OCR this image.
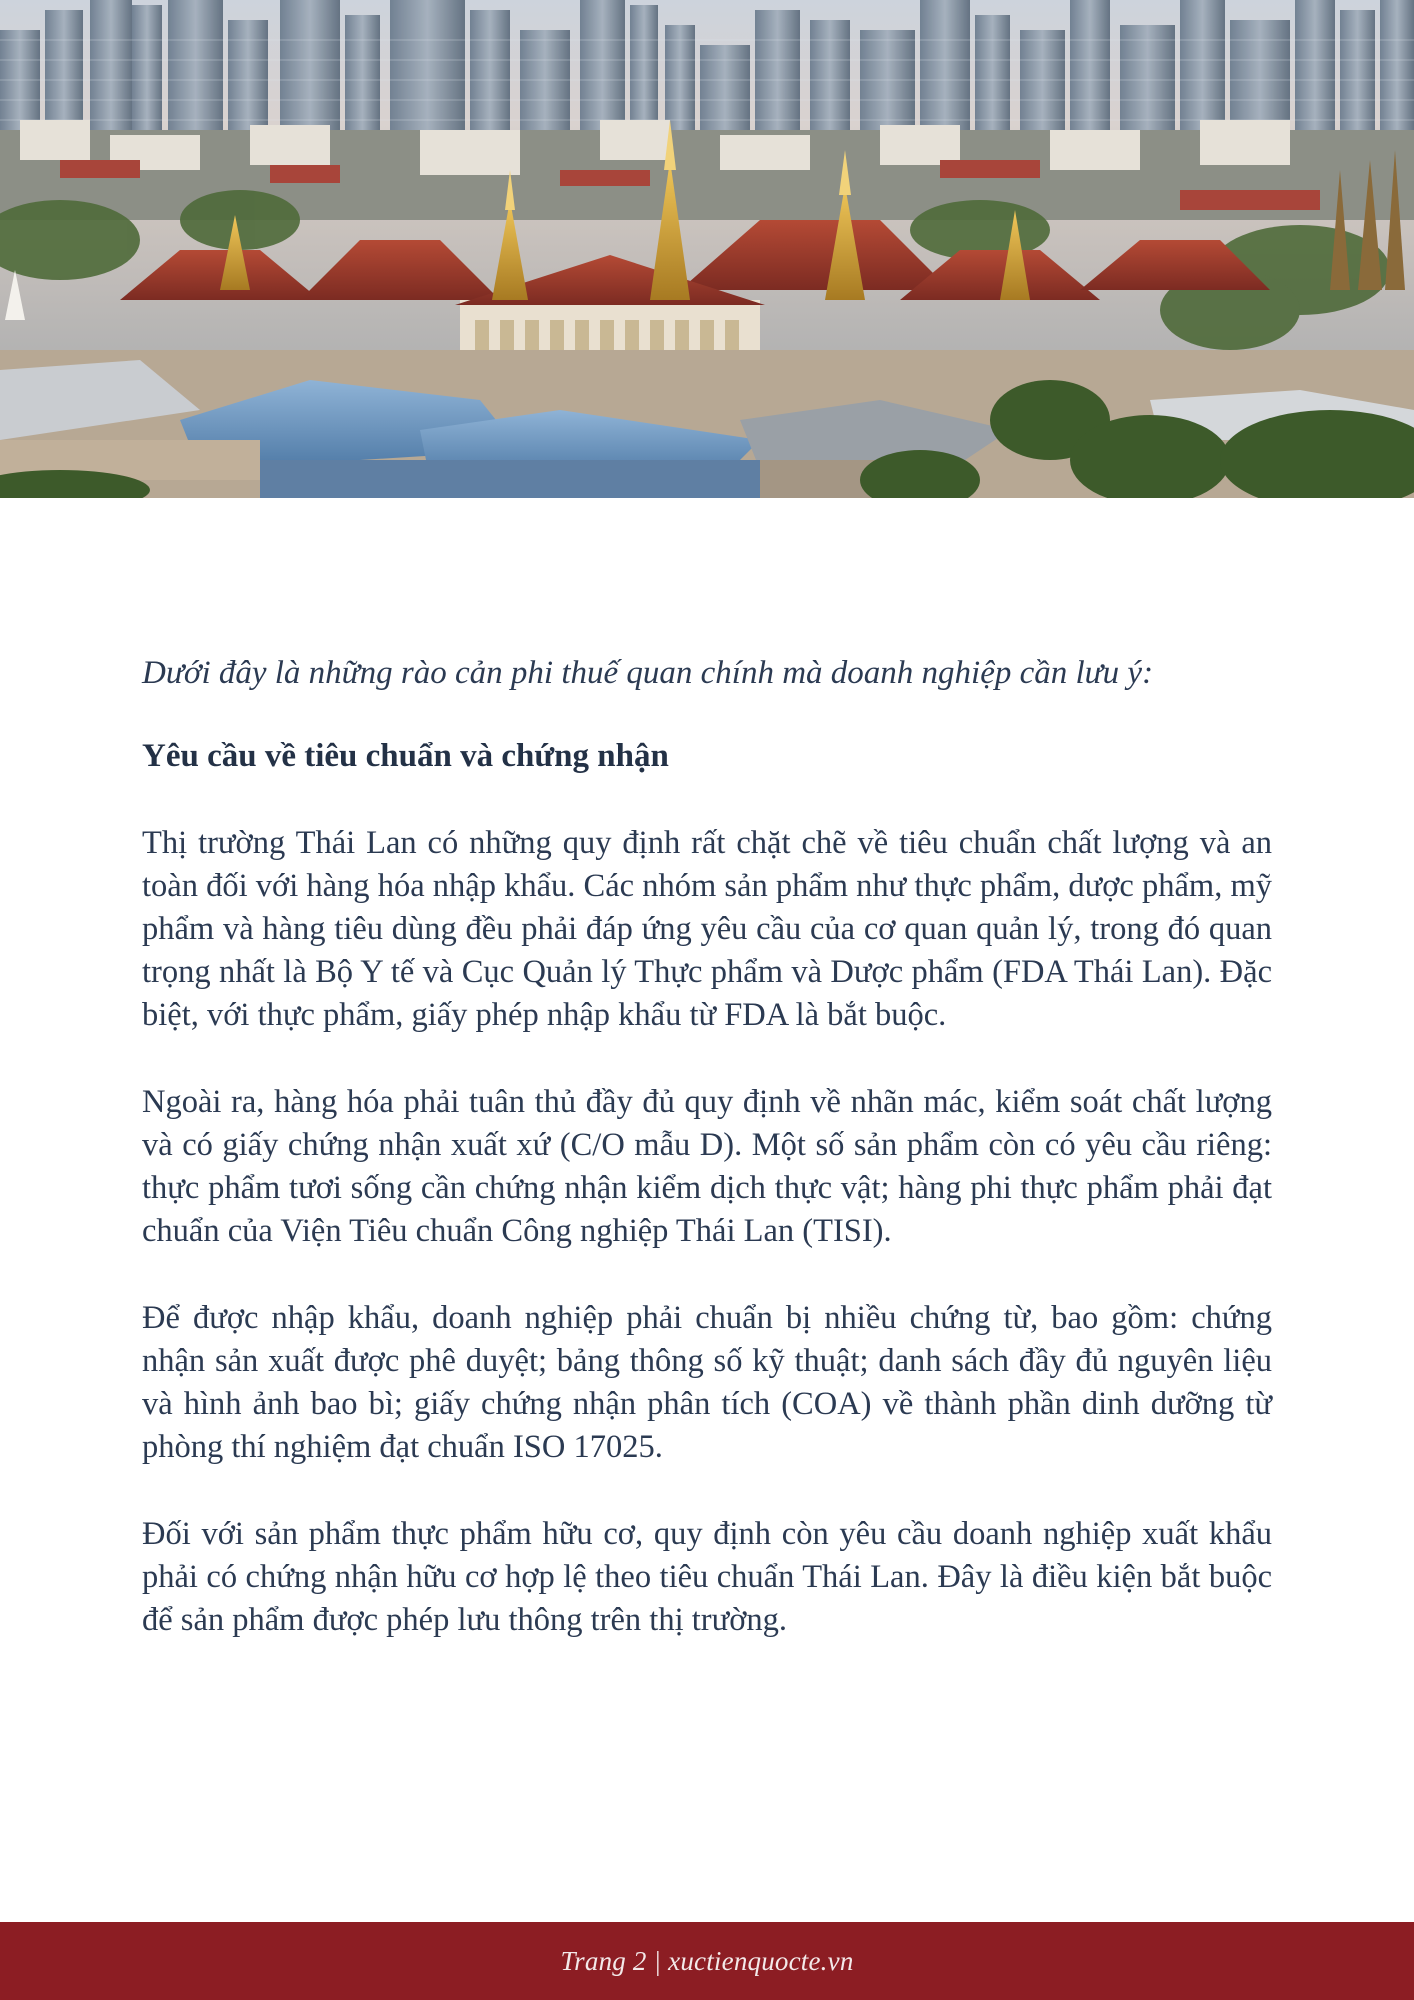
Dưới đây là những rào cản phi thuế quan chính mà doanh nghiệp cần lưu ý:

Yêu cầu về tiêu chuẩn và chứng nhận

Thị trường Thái Lan có những quy định rất chặt chẽ về tiêu chuẩn chất lượng và an toàn đối với hàng hóa nhập khẩu. Các nhóm sản phẩm như thực phẩm, dược phẩm, mỹ phẩm và hàng tiêu dùng đều phải đáp ứng yêu cầu của cơ quan quản lý, trong đó quan trọng nhất là Bộ Y tế và Cục Quản lý Thực phẩm và Dược phẩm (FDA Thái Lan). Đặc biệt, với thực phẩm, giấy phép nhập khẩu từ FDA là bắt buộc.

Ngoài ra, hàng hóa phải tuân thủ đầy đủ quy định về nhãn mác, kiểm soát chất lượng và có giấy chứng nhận xuất xứ (C/O mẫu D). Một số sản phẩm còn có yêu cầu riêng: thực phẩm tươi sống cần chứng nhận kiểm dịch thực vật; hàng phi thực phẩm phải đạt chuẩn của Viện Tiêu chuẩn Công nghiệp Thái Lan (TISI).

Để được nhập khẩu, doanh nghiệp phải chuẩn bị nhiều chứng từ, bao gồm: chứng nhận sản xuất được phê duyệt; bảng thông số kỹ thuật; danh sách đầy đủ nguyên liệu và hình ảnh bao bì; giấy chứng nhận phân tích (COA) về thành phần dinh dưỡng từ phòng thí nghiệm đạt chuẩn ISO 17025.

Đối với sản phẩm thực phẩm hữu cơ, quy định còn yêu cầu doanh nghiệp xuất khẩu phải có chứng nhận hữu cơ hợp lệ theo tiêu chuẩn Thái Lan. Đây là điều kiện bắt buộc để sản phẩm được phép lưu thông trên thị trường.

Trang 2 | xuctienquocte.vn
